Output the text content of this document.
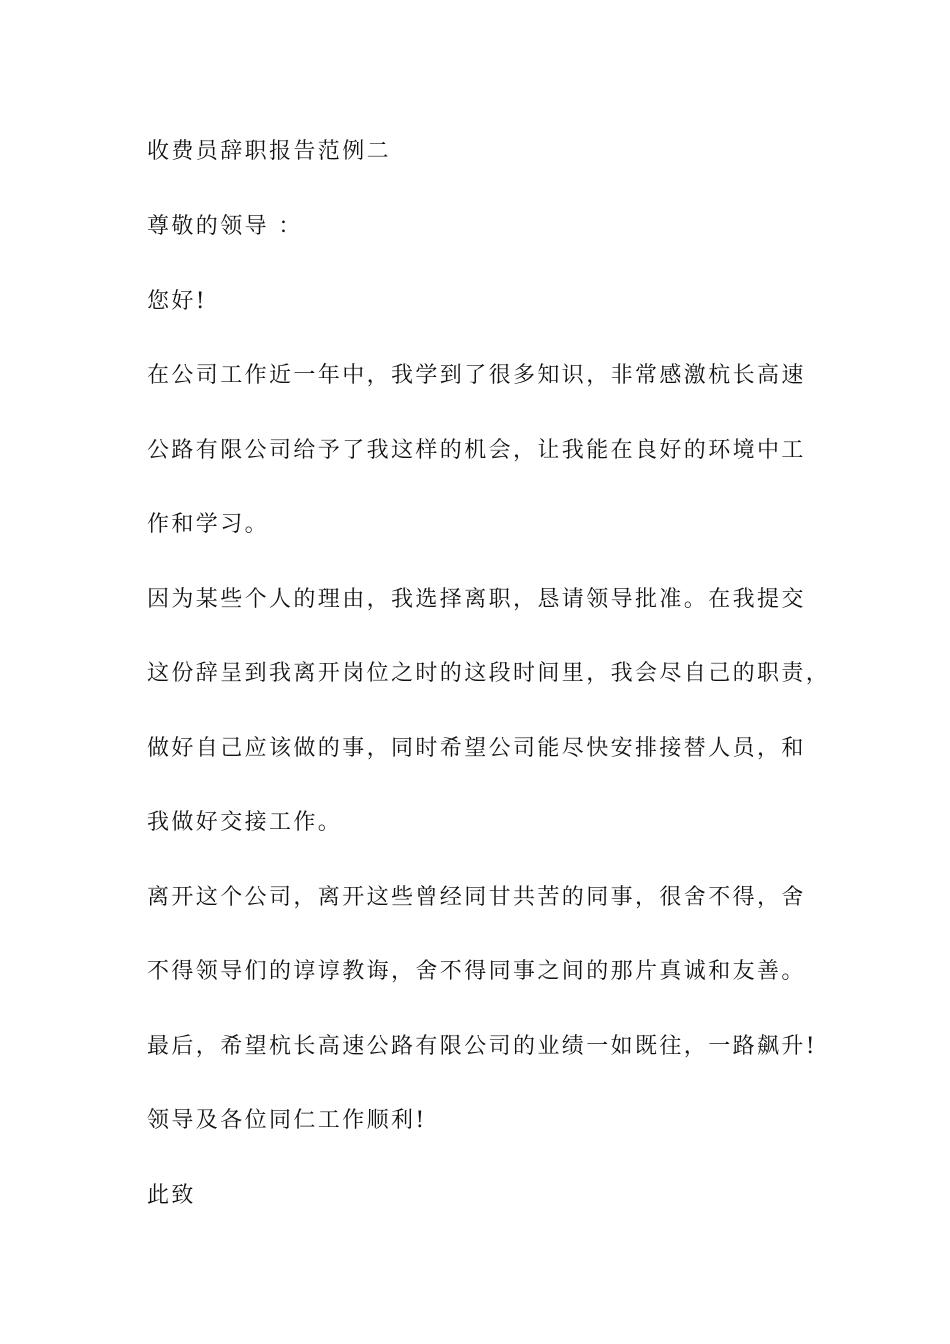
收费员辞职报告范例二
尊敬的领导 ：
您好!
在公司工作近一年中，我学到了很多知识，非常感激杭长高速
公路有限公司给予了我这样的机会，让我能在良好的环境中工
作和学习。
因为某些个人的理由，我选择离职，恳请领导批准。在我提交
这份辞呈到我离开岗位之时的这段时间里，我会尽自己的职责，
做好自己应该做的事，同时希望公司能尽快安排接替人员，和
我做好交接工作。
离开这个公司，离开这些曾经同甘共苦的同事，很舍不得，舍
不得领导们的谆谆教诲，舍不得同事之间的那片真诚和友善。
最后，希望杭长高速公路有限公司的业绩一如既往，一路飙升!
领导及各位同仁工作顺利!
此致
